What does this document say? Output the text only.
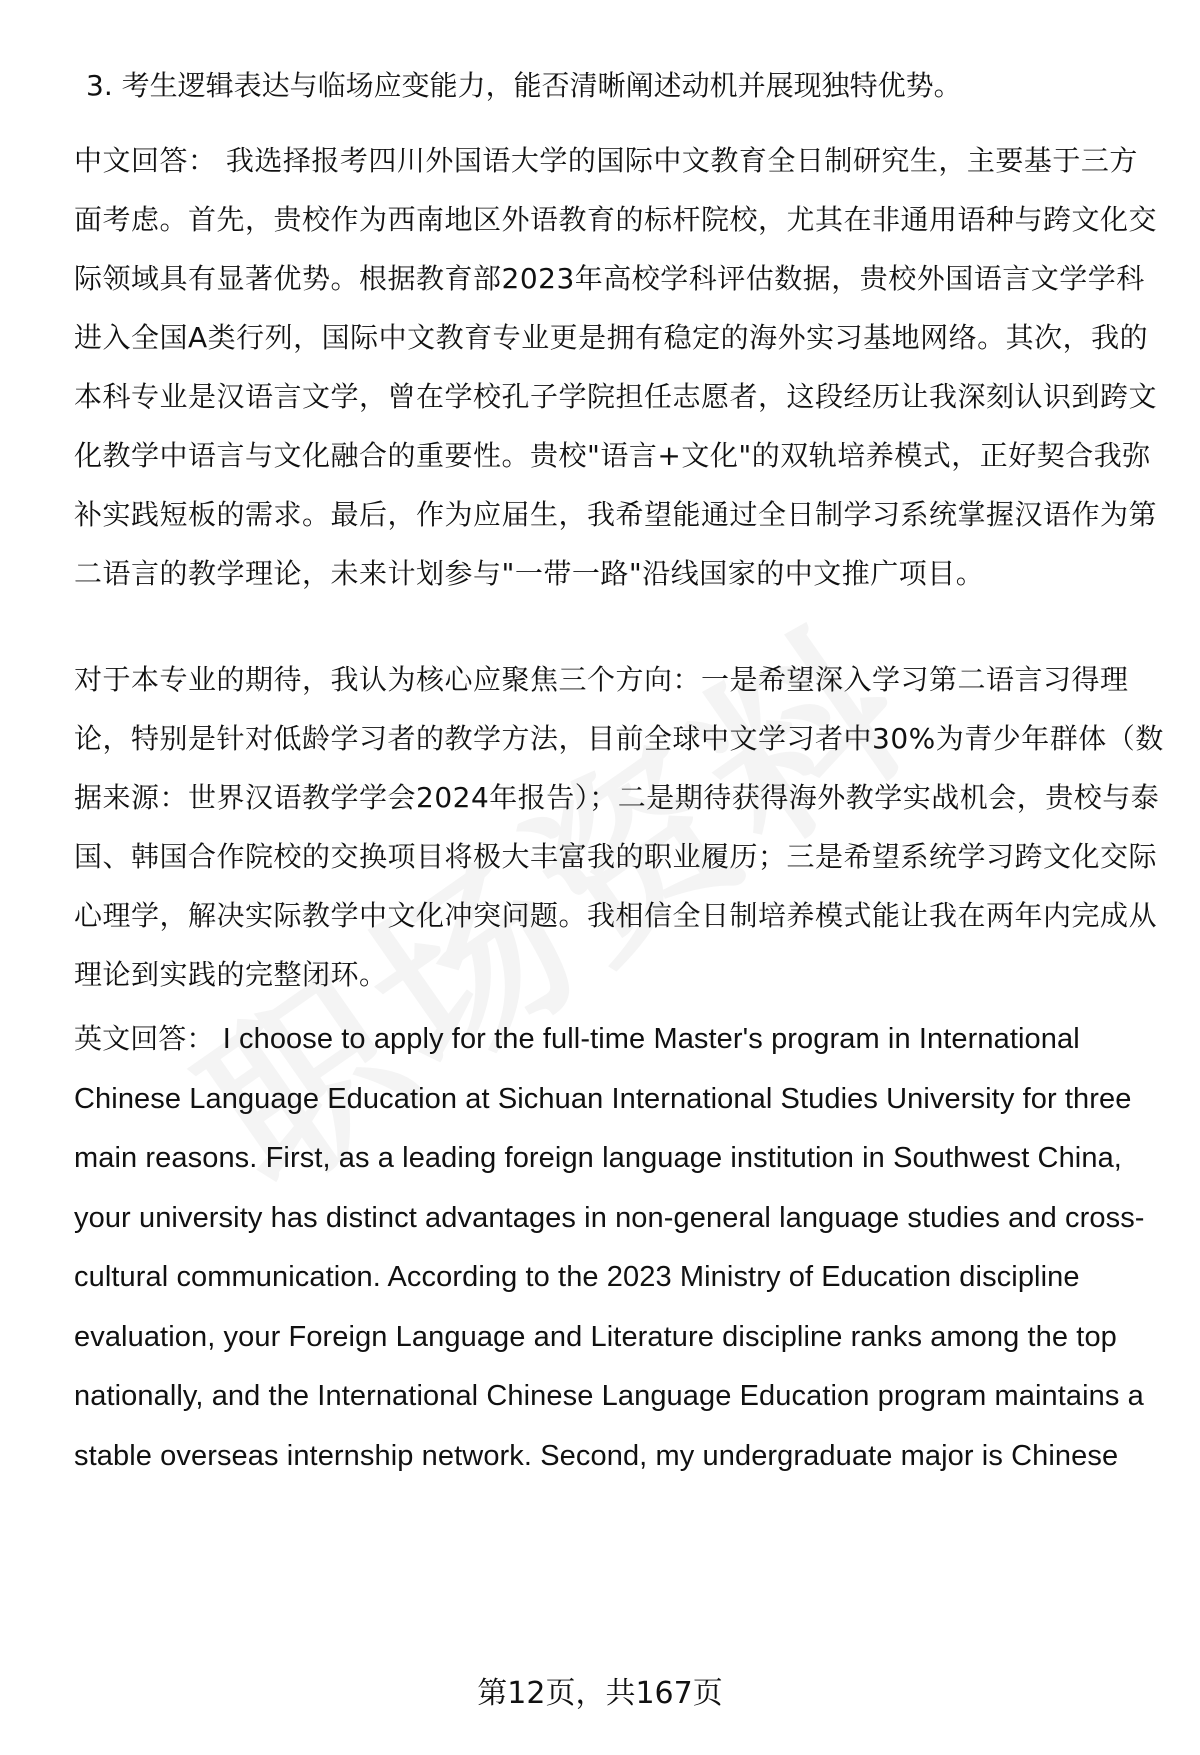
3. 考生逻辑表达与临场应变能力，能否清晰阐述动机并展现独特优势。

中文回答： 我选择报考四川外国语大学的国际中文教育全日制研究生，主要基于三方面考虑。首先，贵校作为西南地区外语教育的标杆院校，尤其在非通用语种与跨文化交际领域具有显著优势。根据教育部2023年高校学科评估数据，贵校外国语言文学学科进入全国A类行列，国际中文教育专业更是拥有稳定的海外实习基地网络。其次，我的本科专业是汉语言文学，曾在学校孔子学院担任志愿者，这段经历让我深刻认识到跨文化教学中语言与文化融合的重要性。贵校"语言+文化"的双轨培养模式，正好契合我弥补实践短板的需求。最后，作为应届生，我希望能通过全日制学习系统掌握汉语作为第二语言的教学理论，未来计划参与"一带一路"沿线国家的中文推广项目。

对于本专业的期待，我认为核心应聚焦三个方向：一是希望深入学习第二语言习得理论，特别是针对低龄学习者的教学方法，目前全球中文学习者中30%为青少年群体（数据来源：世界汉语教学学会2024年报告）；二是期待获得海外教学实战机会，贵校与泰国、韩国合作院校的交换项目将极大丰富我的职业履历；三是希望系统学习跨文化交际心理学，解决实际教学中文化冲突问题。我相信全日制培养模式能让我在两年内完成从理论到实践的完整闭环。

英文回答： I choose to apply for the full-time Master's program in International Chinese Language Education at Sichuan International Studies University for three main reasons. First, as a leading foreign language institution in Southwest China, your university has distinct advantages in non-general language studies and cross-cultural communication. According to the 2023 Ministry of Education discipline evaluation, your Foreign Language and Literature discipline ranks among the top nationally, and the International Chinese Language Education program maintains a stable overseas internship network. Second, my undergraduate major is Chinese

第12页，共167页
